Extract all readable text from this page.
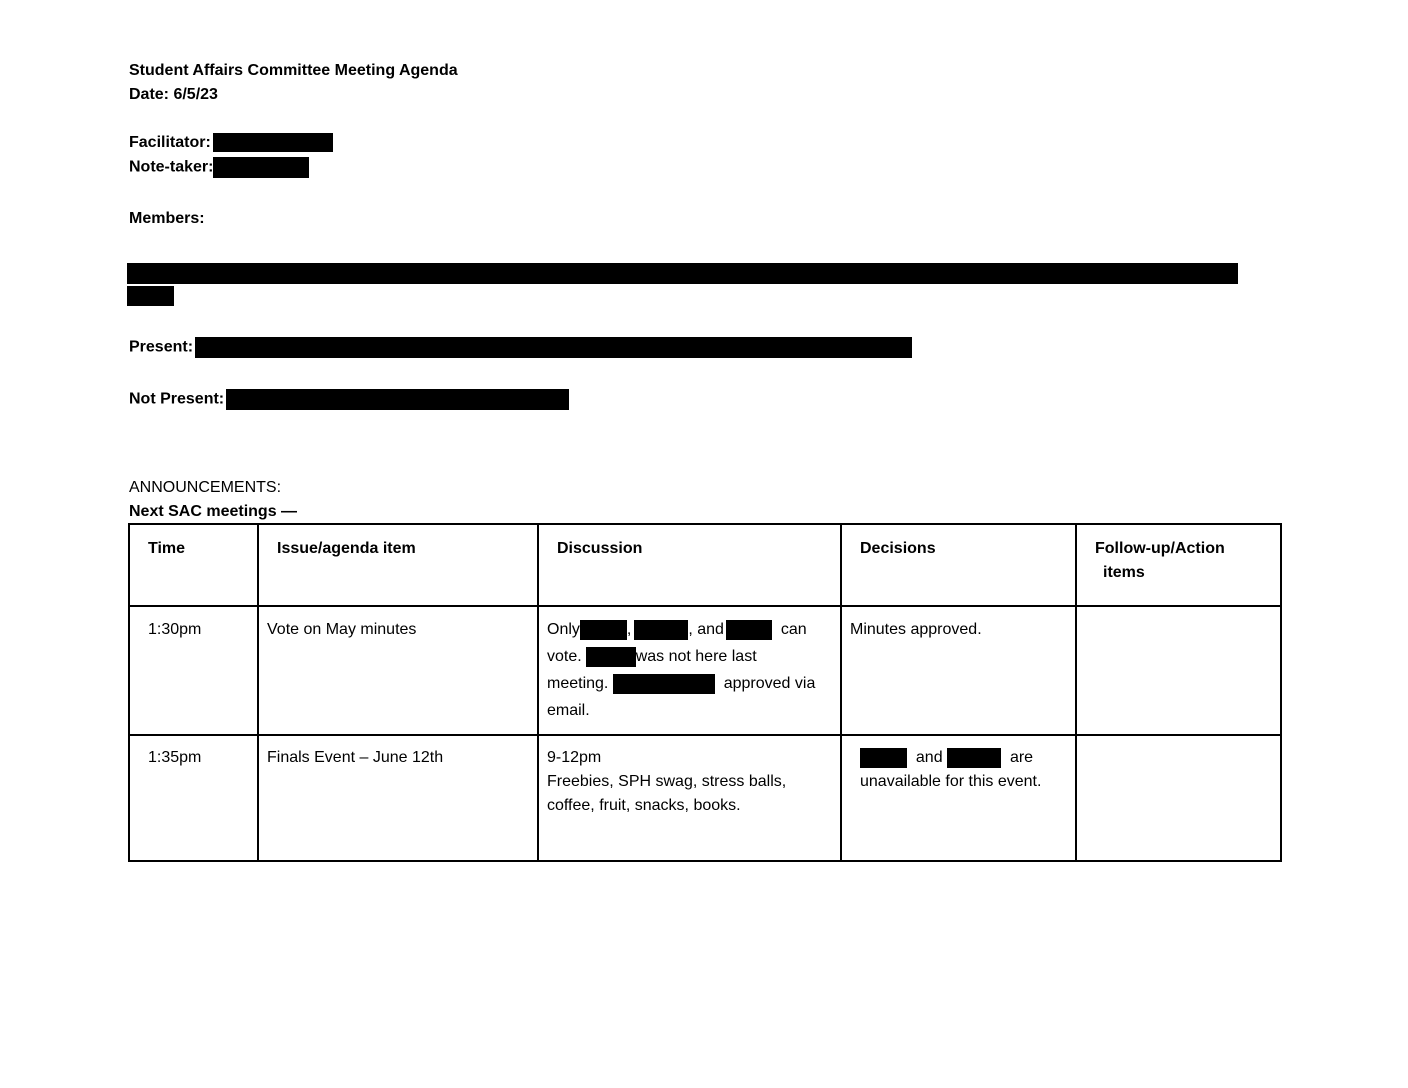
Student Affairs Committee Meeting Agenda
Date: 6/5/23
Facilitator:
Note-taker:
Members:
Present:
Not Present:
ANNOUNCEMENTS:
Next SAC meetings —
Time	Issue/agenda item	Discussion	Decisions	Follow-up/Action
items
1:30pm	Vote on May minutes	Only , , and can
vote. was not here last
meeting. approved via
email.	Minutes approved.	
1:35pm	Finals Event – June 12th	9-12pm
Freebies, SPH swag, stress balls,
coffee, fruit, snacks, books.	and are
unavailable for this event.	
